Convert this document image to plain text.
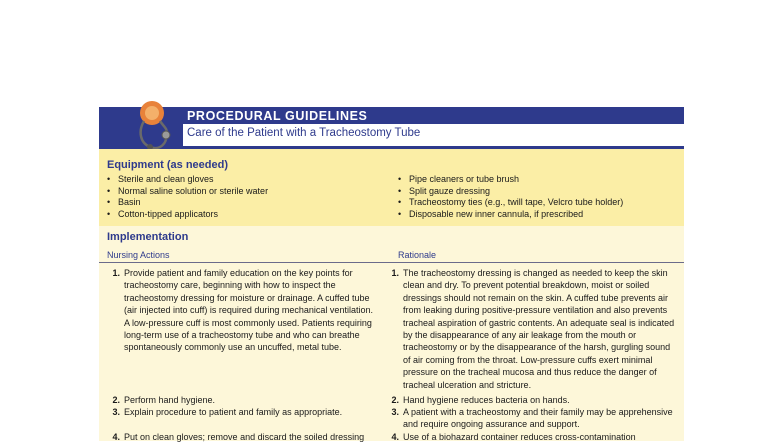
PROCEDURAL GUIDELINES
Care of the Patient with a Tracheostomy Tube
Equipment (as needed)
• Sterile and clean gloves
• Normal saline solution or sterile water
• Basin
• Cotton-tipped applicators
• Pipe cleaners or tube brush
• Split gauze dressing
• Tracheostomy ties (e.g., twill tape, Velcro tube holder)
• Disposable new inner cannula, if prescribed
Implementation
Nursing Actions	Rationale
1. Provide patient and family education on the key points for tracheostomy care, beginning with how to inspect the tracheostomy dressing for moisture or drainage. A cuffed tube (air injected into cuff) is required during mechanical ventilation. A low-pressure cuff is most commonly used. Patients requiring long-term use of a tracheostomy tube and who can breathe spontaneously commonly use an uncuffed, metal tube.
1. The tracheostomy dressing is changed as needed to keep the skin clean and dry. To prevent potential breakdown, moist or soiled dressings should not remain on the skin. A cuffed tube prevents air from leaking during positive-pressure ventilation and also prevents tracheal aspiration of gastric contents. An adequate seal is indicated by the disappearance of any air leakage from the mouth or tracheostomy or by the disappearance of the harsh, gurgling sound of air coming from the throat. Low-pressure cuffs exert minimal pressure on the tracheal mucosa and thus reduce the danger of tracheal ulceration and stricture.
2. Perform hand hygiene.	2. Hand hygiene reduces bacteria on hands.
3. Explain procedure to patient and family as appropriate.	3. A patient with a tracheostomy and their family may be apprehensive and require ongoing assurance and support.
4. Put on clean gloves; remove and discard the soiled dressing	4. Use of a biohazard container reduces cross-contamination
